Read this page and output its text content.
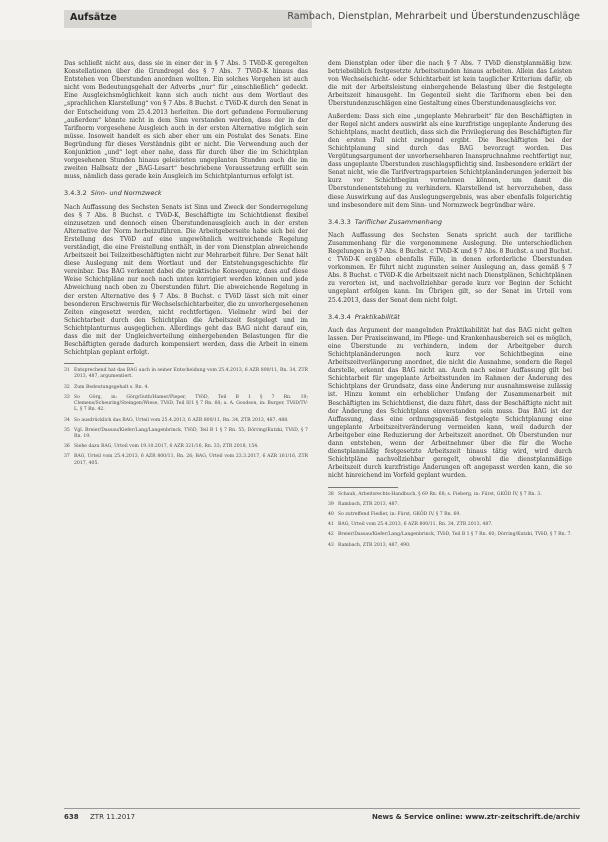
Aufsätze	Rambach, Dienstplan, Mehrarbeit und Überstundenzuschläge

Das schließt nicht aus, dass sie in einer der in § 7 Abs. 5 TVöD-K geregelten Konstellationen über die Grundregel des § 7 Abs. 7 TVöD-K hinaus das Entstehen von Überstunden anordnen wollten. Ein solches Vorgehen ist auch nicht vom Bedeutungsgehalt der Adverbs „nur“ für „einschließlich“ gedeckt. Eine Ausgleichsmöglichkeit kann sich auch nicht aus dem Wortlaut des „sprachlichen Klarstellung“ von § 7 Abs. 8 Buchst. c TVöD-K durch den Senat in der Entscheidung vom 25.4.2013 herleiten. Die dort gefundene Formulierung „außerdem“ könnte nicht in dem Sinn verstanden werden, dass der in der Tarifnorm vorgesehene Ausgleich auch in der ersten Alternative möglich sein müsse. Insoweit handelt es sich aber eher um ein Postulat des Senats. Eine Begründung für dieses Verständnis gibt er nicht. Die Verwendung auch der Konjunktion „und“ legt eher nahe, dass für durch über die im Schichtplan vorgesehenen Stunden hinaus geleisteten ungeplanten Stunden auch die im zweiten Halbsatz der „BAG-Lesart“ beschriebene Voraussetzung erfüllt sein muss, nämlich dass gerade kein Ausgleich im Schichtplanturnus erfolgt ist.

3.4.3.2 Sinn- und Normzweck

Nach Auffassung des Sechsten Senats ist Sinn und Zweck der Sonderregelung des § 7 Abs. 8 Buchst. c TVöD-K, Beschäftigte im Schichtdienst flexibel einzusetzen und dennoch einen Überstundenausgleich auch in der ersten Alternative der Norm herbeizuführen. Die Arbeitgeberseite habe sich bei der Erstellung des TVöD auf eine ungewöhnlich weitreichende Regelung verständigt, die eine Freistellung enthält, in der vom Dienstplan abweichende Arbeitszeit bei Teilzeitbeschäftigten nicht zur Mehrarbeit führe. Der Senat hält diese Auslegung mit dem Wortlaut und der Entstehungsgeschichte für vereinbar. Das BAG verkennt dabei die praktische Konsequenz, dass auf diese Weise Schichtpläne nur noch nach unten korrigiert werden können und jede Abweichung nach oben zu Überstunden führt. Die abweichende Regelung in der ersten Alternative des § 7 Abs. 8 Buchst. c TVöD lässt sich mit einer besonderen Erschwernis für Wechselschichtarbeiter, die zu unvorhergesehenen Zeiten eingesetzt werden, nicht rechtfertigen. Vielmehr wird bei der Schichtarbeit durch den Schichtplan die Arbeitszeit festgelegt und im Schichtplanturnus ausgeglichen. Allerdings geht das BAG nicht darauf ein, dass die mit der Ungleichverteilung einhergehenden Belastungen für die Beschäftigten gerade dadurch kompensiert werden, dass die Arbeit in einem Schichtplan geplant erfolgt.

31 Entsprechend hat das BAG auch in seiner Entscheidung vom 25.4.2013, 6 AZR 800/11, Rn. 34, ZTR 2013, 487, argumentiert.

32 Zum Bedeutungsgehalt s. Rn. 4.

33 So Görg, in: Görg/Guth/Hamer/Pieper, TVöD, Teil B 1 § 7 Rn. 19; Clemens/Scheuring/Steingen/Wiese, TVöD, Teil II/1 § 7 Rn. 68; a. A. Goodson, in: Burger, TVöD/TV-L, § 7 Rn. 42.

34 So ausdrücklich das BAG, Urteil vom 25.4.2013, 6 AZR 800/11, Rn. 34, ZTR 2013, 487, 488.

35 Vgl. Breier/Dassau/Kiefer/Lang/Langenbrinck, TVöD, Teil B 1 § 7 Rn. 55; Dörring/Kutzki, TVöD, § 7 Rn. 19.

36 Siehe dazu BAG, Urteil vom 19.10.2017, 6 AZR 321/16, Rn. 33; ZTR 2018, 154.

37 BAG, Urteil vom 25.4.2013, 6 AZR 800/11, Rn. 26; BAG, Urteil vom 23.3.2017, 6 AZR 161/16, ZTR 2017, 405.

dem Dienstplan oder über die nach § 7 Abs. 7 TVöD dienstplanmäßig bzw. betriebsüblich festgesetzte Arbeitsstunden hinaus arbeiten. Allein das Leisten von Wechselschicht- oder Schichtarbeit ist kein tauglicher Kriterium dafür, ob die mit der Arbeitsleistung einhergehende Belastung über die festgelegte Arbeitszeit hinausgeht. Im Gegenteil sieht die Tarifnorm eben bei den Überstundenzuschlägen eine Gestaltung eines Überstundenausgleichs vor.

Außerdem: Dass sich eine „ungeplante Mehrarbeit“ für den Beschäftigten in der Regel nicht anders auswirkt als eine kurzfristige ungeplante Änderung des Schichtplans, macht deutlich, dass sich die Privilegierung des Beschäftigten für den ersten Fall nicht zwingend ergibt. Die Beschäftigten bei der Schichtplanung sind durch das BAG bevorzugt worden. Das Vergütungsargument der unvorhersehbaren Inanspruchnahme rechtfertigt nur, dass ungeplante Überstunden zuschlagspflichtig sind. Insbesondere erklärt der Senat nicht, wie die Tarifvertragsparteien Schichtplanänderungen jederzeit bis kurz vor Schichtbeginn vornehmen können, um damit die Überstundenentstehung zu verhindern. Klarstellend ist hervorzuheben, dass diese Auswirkung auf das Auslegungsergebnis, was aber ebenfalls folgerichtig und insbesondere mit dem Sinn- und Normzweck begründbar wäre.

3.4.3.3 Tariflicher Zusammenhang

Nach Auffassung des Sechsten Senats spricht auch der tarifliche Zusammenhang für die vorgenommene Auslegung. Die unterschiedlichen Regelungen in § 7 Abs. 8 Buchst. c TVöD-K und § 7 Abs. 8 Buchst. a und Buchst. c TVöD-K ergäben ebenfalls Fälle, in denen erforderliche Überstunden vorkommen. Er führt nicht zugunsten seiner Auslegung an, dass gemäß § 7 Abs. 8 Buchst. c TVöD-K die Arbeitszeit nicht nach Dienstplänen, Schichtplänen zu verorten ist, und nachvollziehbar gerade kurz vor Beginn der Schicht ungeplant erfolgen kann. Im Übrigen gilt, so der Senat im Urteil vom 25.4.2013, dass der Senat dem nicht folgt.

3.4.3.4 Praktikabilität

Auch das Argument der mangelnden Praktikabilität hat das BAG nicht gelten lassen. Der Praxiseinwand, im Pflege- und Krankenhausbereich sei es möglich, eine Überstunde zu verhindern, indem der Arbeitgeber durch Schichtplanänderungen noch kurz vor Schichtbeginn eine Arbeitszeitverlängerung anordnet, die nicht die Ausnahme, sondern die Regel darstelle, erkennt das BAG nicht an. Auch nach seiner Auffassung gilt bei Schichtarbeit für ungeplante Arbeitsstunden im Rahmen der Änderung des Schichtplans der Grundsatz, dass eine Änderung nur ausnahmsweise zulässig ist. Hinzu kommt ein erheblicher Umfang der Zusammenarbeit mit Beschäftigten im Schichtdienst, die dazu führt, dass der Beschäftigte nicht mit der Änderung des Schichtplans einverstanden sein muss. Das BAG ist der Auffassung, dass eine ordnungsgemäß festgelegte Schichtplanung eine ungeplante Arbeitszeitveränderung vermeiden kann, weil dadurch der Arbeitgeber eine Reduzierung der Arbeitszeit anordnet. Ob Überstunden nur dann entstehen, wenn der Arbeitnehmer über die für die Woche dienstplanmäßig festgesetzte Arbeitszeit hinaus tätig wird, wird durch Schichtpläne nachvollziehbar geregelt, obwohl die dienstplanmäßige Arbeitszeit durch kurzfristige Änderungen oft angepasst werden kann, die so nicht hinreichend im Vorfeld geplant wurden.

38 Schaub, Arbeitsrechts-Handbuch, § 69 Rn. 68; s. Fieberg, in: Fürst, GKÖD IV, § 7 Rn. 3.

39 Rambach, ZTR 2013, 487.

40 So zutreffend Fiedler, in: Fürst, GKÖD IV, § 7 Rn. 69.

41 BAG, Urteil vom 25.4.2013, 6 AZR 800/11, Rn. 34, ZTR 2013, 487.

42 Breier/Dassau/Kiefer/Lang/Langenbrinck, TVöD, Teil B 1 § 7 Rn. 60; Dörring/Kutzki, TVöD, § 7 Rn. 7.

43 Rambach, ZTR 2013, 487, 490.

638 ZTR 11.2017	News & Service online: www.ztr-zeitschrift.de/archiv
